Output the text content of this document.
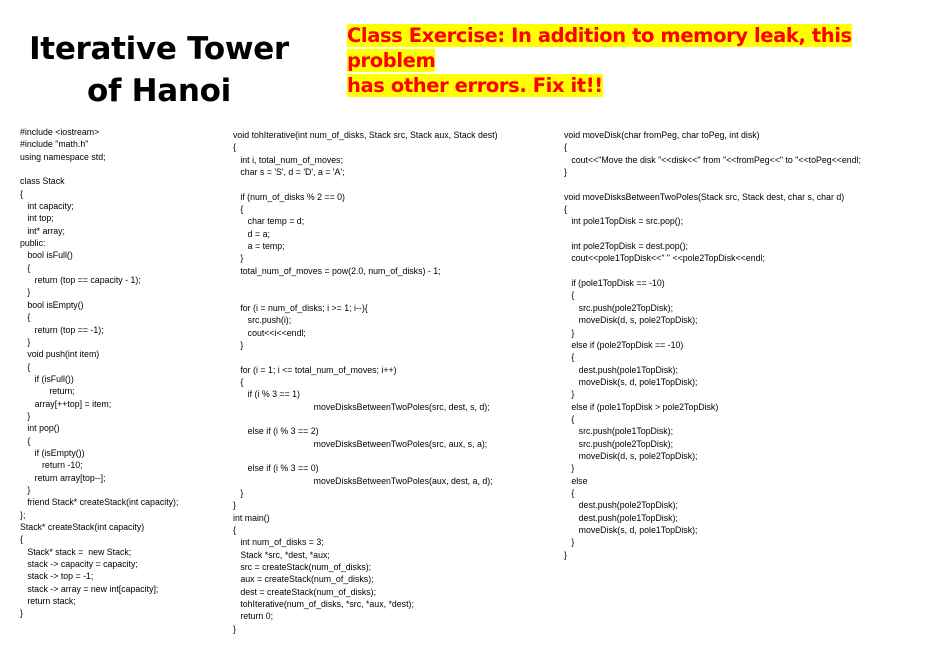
Iterative Tower
of Hanoi
Class Exercise: In addition to memory leak, this problem
has other errors. Fix it!!
#include <iostream>
#include "math.h"
using namespace std;

class Stack
{
int capacity;
int top;
int* array;
public:
bool isFull()
{
return (top == capacity - 1);
}
bool isEmpty()
{
return (top == -1);
}
void push(int item)
{
if (isFull())
return;
array[++top] = item;
}
int pop()
{
if (isEmpty())
return -10;
return array[top--];
}
friend Stack* createStack(int capacity);
};
Stack* createStack(int capacity)
{
Stack* stack =  new Stack;
stack -> capacity = capacity;
stack -> top = -1;
stack -> array = new int[capacity];
return stack;
}
void tohIterative(int num_of_disks, Stack src, Stack aux, Stack dest)
{
int i, total_num_of_moves;
char s = 'S', d = 'D', a = 'A';

if (num_of_disks % 2 == 0)
{
char temp = d;
d = a;
a = temp;
}
total_num_of_moves = pow(2.0, num_of_disks) - 1;

for (i = num_of_disks; i >= 1; i--){
src.push(i);
cout<<i<<endl;
}

for (i = 1; i <= total_num_of_moves; i++)
{
if (i % 3 == 1)
moveDisksBetweenTwoPoles(src, dest, s, d);

else if (i % 3 == 2)
moveDisksBetweenTwoPoles(src, aux, s, a);

else if (i % 3 == 0)
moveDisksBetweenTwoPoles(aux, dest, a, d);
}
}
int main()
{
int num_of_disks = 3;
Stack *src, *dest, *aux;
src = createStack(num_of_disks);
aux = createStack(num_of_disks);
dest = createStack(num_of_disks);
tohIterative(num_of_disks, *src, *aux, *dest);
return 0;
}
void moveDisk(char fromPeg, char toPeg, int disk)
{
cout<<"Move the disk "<<disk<<" from "<<fromPeg<<" to "<<toPeg<<endl;
}

void moveDisksBetweenTwoPoles(Stack src, Stack dest, char s, char d)
{
int pole1TopDisk = src.pop();

int pole2TopDisk = dest.pop();
cout<<pole1TopDisk<<" " <<pole2TopDisk<<endl;

if (pole1TopDisk == -10)
{
src.push(pole2TopDisk);
moveDisk(d, s, pole2TopDisk);
}
else if (pole2TopDisk == -10)
{
dest.push(pole1TopDisk);
moveDisk(s, d, pole1TopDisk);
}
else if (pole1TopDisk > pole2TopDisk)
{
src.push(pole1TopDisk);
src.push(pole2TopDisk);
moveDisk(d, s, pole2TopDisk);
}
else
{
dest.push(pole2TopDisk);
dest.push(pole1TopDisk);
moveDisk(s, d, pole1TopDisk);
}
}
